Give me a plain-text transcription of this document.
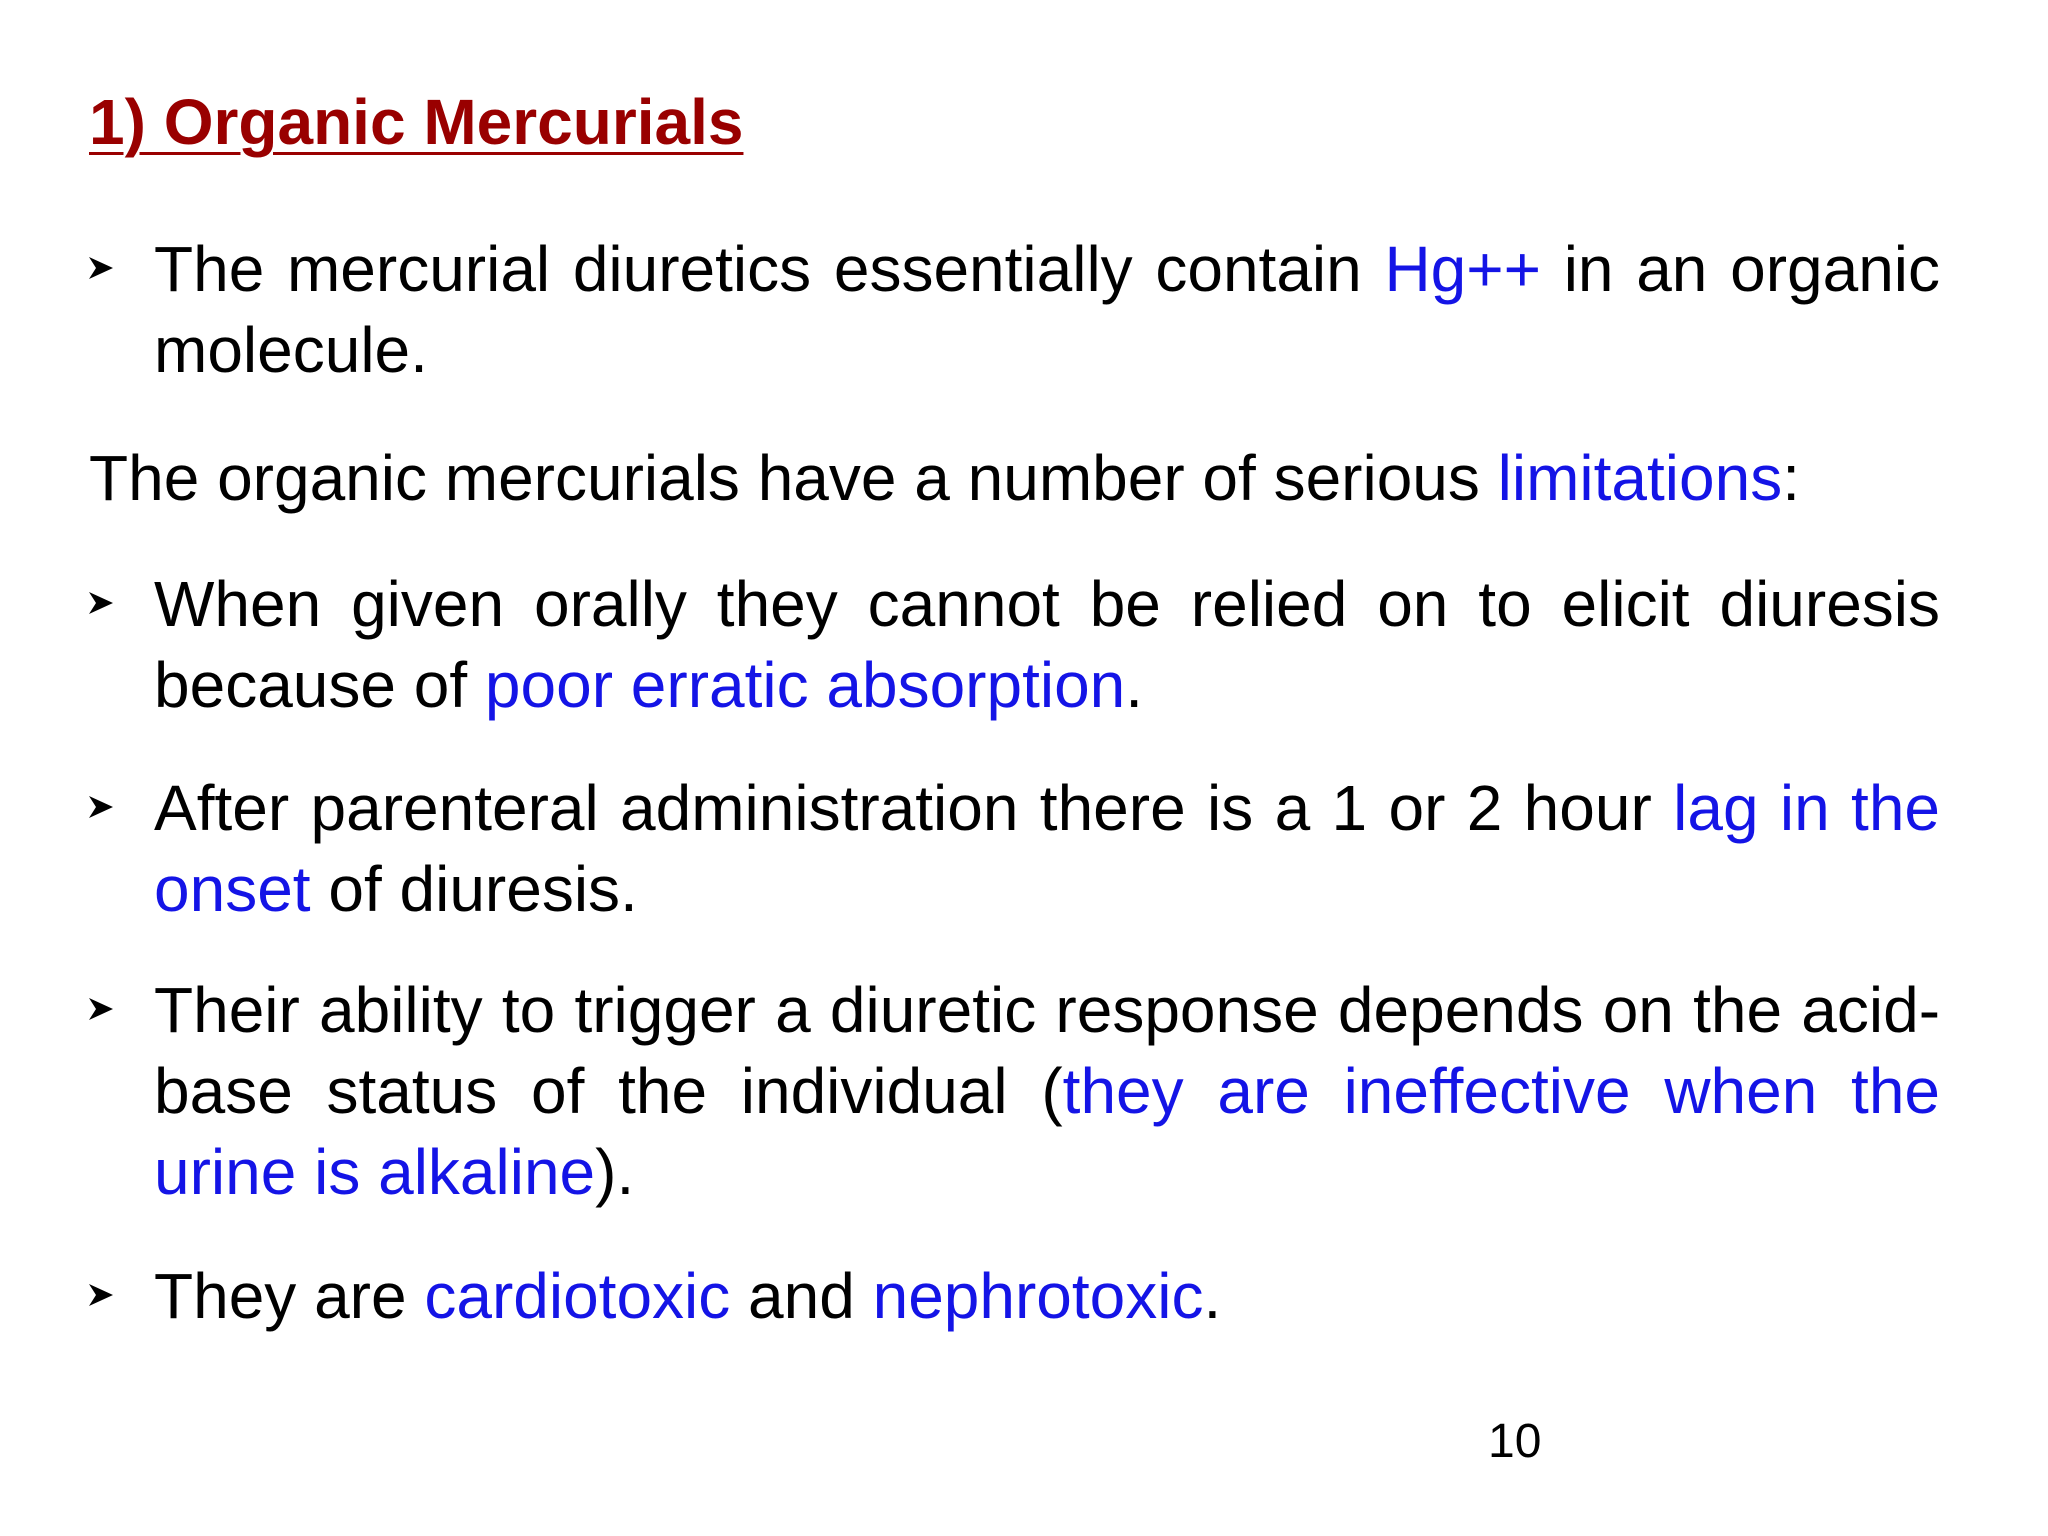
1) Organic Mercurials

The mercurial diuretics essentially contain Hg++ in an organic molecule.

The organic mercurials have a number of serious limitations:

When given orally they cannot be relied on to elicit diuresis because of poor erratic absorption.

After parenteral administration there is a 1 or 2 hour lag in the onset of diuresis.

Their ability to trigger a diuretic response depends on the acid-base status of the individual (they are ineffective when the urine is alkaline).

They are cardiotoxic and nephrotoxic.

10
